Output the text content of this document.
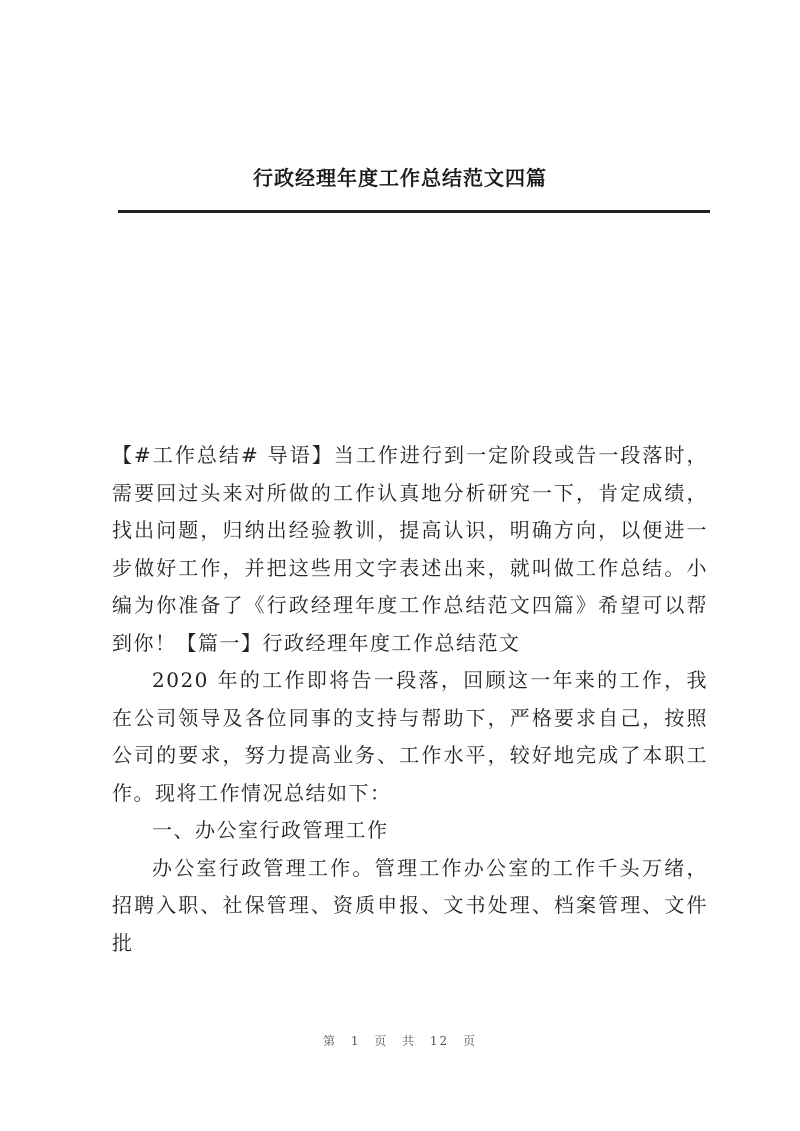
行政经理年度工作总结范文四篇

【#工作总结# 导语】当工作进行到一定阶段或告一段落时，需要回过头来对所做的工作认真地分析研究一下，肯定成绩，找出问题，归纳出经验教训，提高认识，明确方向，以便进一步做好工作，并把这些用文字表述出来，就叫做工作总结。小编为你准备了《行政经理年度工作总结范文四篇》希望可以帮到你！【篇一】行政经理年度工作总结范文

2020 年的工作即将告一段落，回顾这一年来的工作，我在公司领导及各位同事的支持与帮助下，严格要求自己，按照公司的要求，努力提高业务、工作水平，较好地完成了本职工作。现将工作情况总结如下：

一、办公室行政管理工作

办公室行政管理工作。管理工作办公室的工作千头万绪，招聘入职、社保管理、资质申报、文书处理、档案管理、文件批

第 1 页 共 12 页
